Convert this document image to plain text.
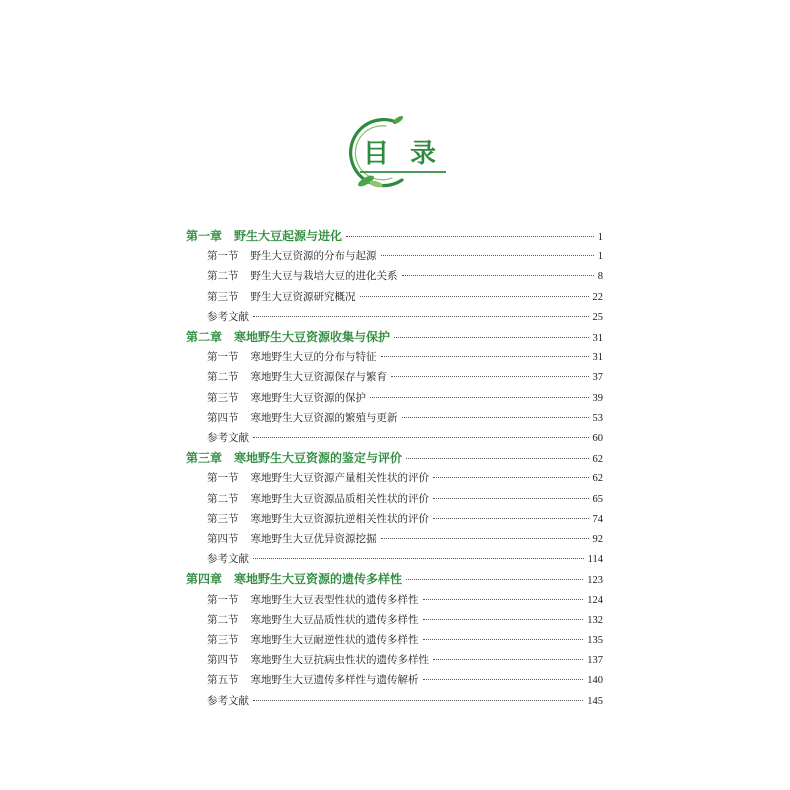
目 录
第一章 野生大豆起源与进化	1
第一节 野生大豆资源的分布与起源	1
第二节 野生大豆与栽培大豆的进化关系	8
第三节 野生大豆资源研究概况	22
参考文献	25
第二章 寒地野生大豆资源收集与保护	31
第一节 寒地野生大豆的分布与特征	31
第二节 寒地野生大豆资源保存与繁育	37
第三节 寒地野生大豆资源的保护	39
第四节 寒地野生大豆资源的繁殖与更新	53
参考文献	60
第三章 寒地野生大豆资源的鉴定与评价	62
第一节 寒地野生大豆资源产量相关性状的评价	62
第二节 寒地野生大豆资源品质相关性状的评价	65
第三节 寒地野生大豆资源抗逆相关性状的评价	74
第四节 寒地野生大豆优异资源挖掘	92
参考文献	114
第四章 寒地野生大豆资源的遗传多样性	123
第一节 寒地野生大豆表型性状的遗传多样性	124
第二节 寒地野生大豆品质性状的遗传多样性	132
第三节 寒地野生大豆耐逆性状的遗传多样性	135
第四节 寒地野生大豆抗病虫性状的遗传多样性	137
第五节 寒地野生大豆遗传多样性与遗传解析	140
参考文献	145
